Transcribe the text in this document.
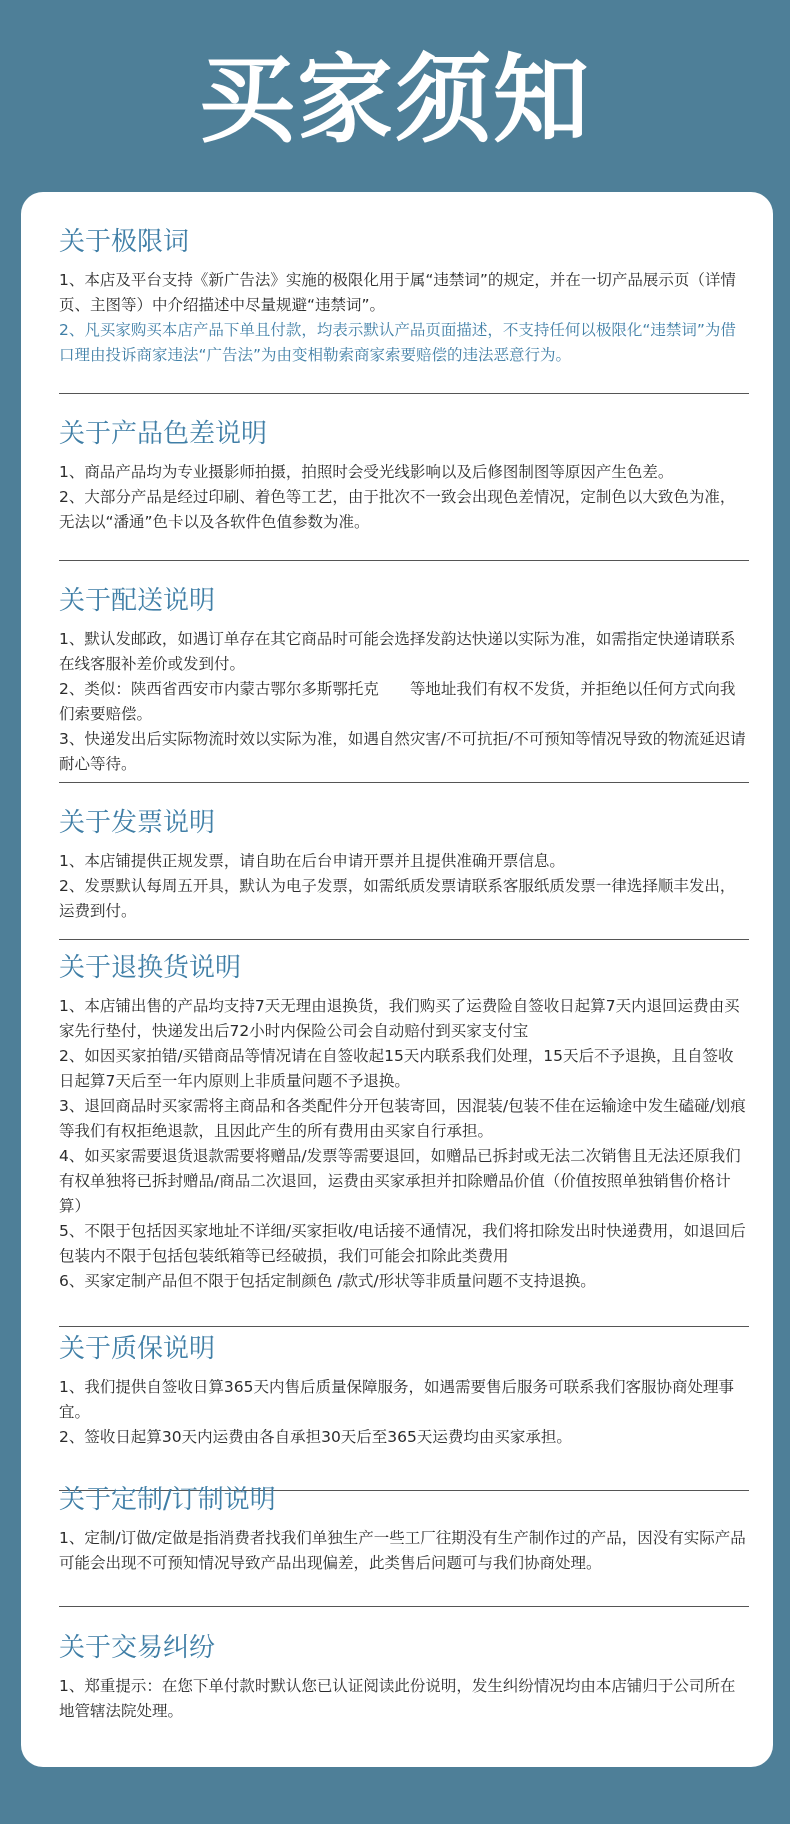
买家须知
关于极限词

1、本店及平台支持《新广告法》实施的极限化用于属“违禁词”的规定，并在一切产品展示页（详情页、主图等）中介绍描述中尽量规避“违禁词”。

2、凡买家购买本店产品下单且付款，均表示默认产品页面描述，不支持任何以极限化“违禁词”为借口理由投诉商家违法“广告法”为由变相勒索商家索要赔偿的违法恶意行为。

关于产品色差说明

1、商品产品均为专业摄影师拍摄，拍照时会受光线影响以及后修图制图等原因产生色差。

2、大部分产品是经过印刷、着色等工艺，由于批次不一致会出现色差情况，定制色以大致色为准，无法以“潘通”色卡以及各软件色值参数为准。

关于配送说明

1、默认发邮政，如遇订单存在其它商品时可能会选择发韵达快递以实际为准，如需指定快递请联系在线客服补差价或发到付。

2、类似：陕西省西安市内蒙古鄂尔多斯鄂托克　　等地址我们有权不发货，并拒绝以任何方式向我们索要赔偿。

3、快递发出后实际物流时效以实际为准，如遇自然灾害/不可抗拒/不可预知等情况导致的物流延迟请耐心等待。

关于发票说明

1、本店铺提供正规发票，请自助在后台申请开票并且提供准确开票信息。

2、发票默认每周五开具，默认为电子发票，如需纸质发票请联系客服纸质发票一律选择顺丰发出，运费到付。

关于退换货说明

1、本店铺出售的产品均支持7天无理由退换货，我们购买了运费险自签收日起算7天内退回运费由买家先行垫付，快递发出后72小时内保险公司会自动赔付到买家支付宝

2、如因买家拍错/买错商品等情况请在自签收起15天内联系我们处理，15天后不予退换，且自签收日起算7天后至一年内原则上非质量问题不予退换。

3、退回商品时买家需将主商品和各类配件分开包装寄回，因混装/包装不佳在运输途中发生磕碰/划痕等我们有权拒绝退款，且因此产生的所有费用由买家自行承担。

4、如买家需要退货退款需要将赠品/发票等需要退回，如赠品已拆封或无法二次销售且无法还原我们有权单独将已拆封赠品/商品二次退回，运费由买家承担并扣除赠品价值（价值按照单独销售价格计算）

5、不限于包括因买家地址不详细/买家拒收/电话接不通情况，我们将扣除发出时快递费用，如退回后包装内不限于包括包装纸箱等已经破损，我们可能会扣除此类费用

6、买家定制产品但不限于包括定制颜色 /款式/形状等非质量问题不支持退换。

关于质保说明

1、我们提供自签收日算365天内售后质量保障服务，如遇需要售后服务可联系我们客服协商处理事宜。

2、签收日起算30天内运费由各自承担30天后至365天运费均由买家承担。

关于定制/订制说明

1、定制/订做/定做是指消费者找我们单独生产一些工厂往期没有生产制作过的产品，因没有实际产品可能会出现不可预知情况导致产品出现偏差，此类售后问题可与我们协商处理。

关于交易纠纷

1、郑重提示：在您下单付款时默认您已认证阅读此份说明，发生纠纷情况均由本店铺归于公司所在地管辖法院处理。
